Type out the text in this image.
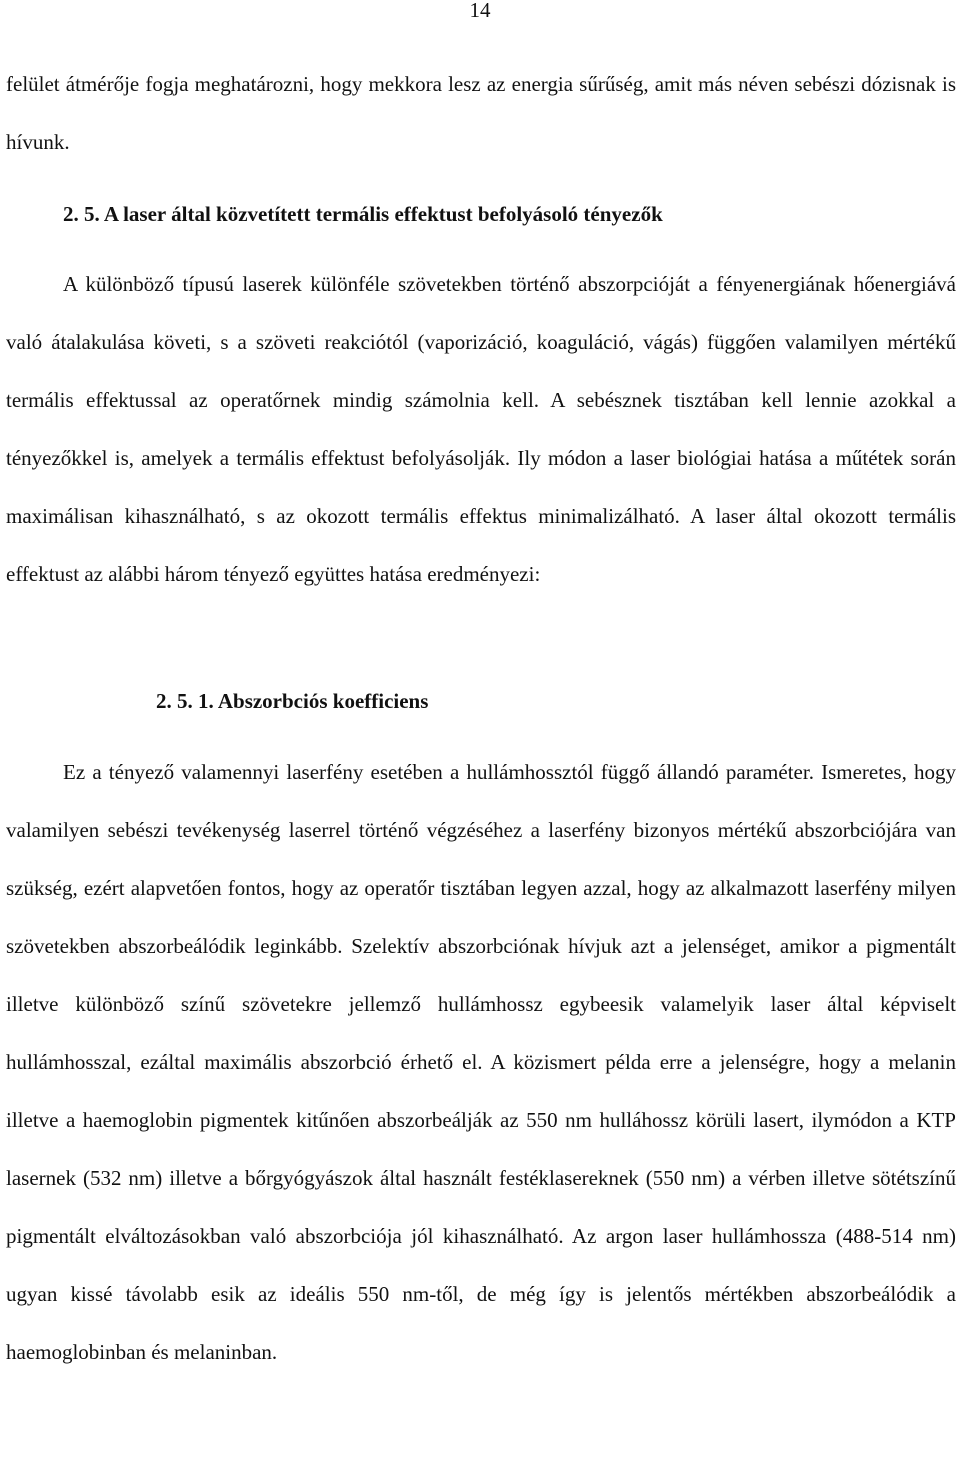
14

felület átmérője fogja meghatározni, hogy mekkora lesz az energia sűrűség, amit más néven sebészi dózisnak is hívunk.

2. 5. A laser által közvetített termális effektust befolyásoló tényezők

A különböző típusú laserek különféle szövetekben történő abszorpcióját a fényenergiának hőenergiává való átalakulása követi, s a szöveti reakciótól (vaporizáció, koaguláció, vágás) függően valamilyen mértékű termális effektussal az operatőrnek mindig számolnia kell. A sebésznek tisztában kell lennie azokkal a tényezőkkel is, amelyek a termális effektust befolyásolják. Ily módon a laser biológiai hatása a műtétek során maximálisan kihasználható, s az okozott termális effektus minimalizálható. A laser által okozott termális effektust az alábbi három tényező együttes hatása eredményezi:

2. 5. 1. Abszorbciós koefficiens

Ez a tényező valamennyi laserfény esetében a hullámhossztól függő állandó paraméter. Ismeretes, hogy valamilyen sebészi tevékenység laserrel történő végzéséhez a laserfény bizonyos mértékű abszorbciójára van szükség, ezért alapvetően fontos, hogy az operatőr tisztában legyen azzal, hogy az alkalmazott laserfény milyen szövetekben abszorbeálódik leginkább. Szelektív abszorbciónak hívjuk azt a jelenséget, amikor a pigmentált illetve különböző színű szövetekre jellemző hullámhossz egybeesik valamelyik laser által képviselt hullámhosszal, ezáltal maximális abszorbció érhető el. A közismert példa erre a jelenségre, hogy a melanin illetve a haemoglobin pigmentek kitűnően abszorbeálják az 550 nm hulláhossz körüli lasert, ilymódon a KTP lasernek (532 nm) illetve a bőrgyógyászok által használt festéklasereknek (550 nm) a vérben illetve sötétszínű pigmentált elváltozásokban való abszorbciója jól kihasználható. Az argon laser hullámhossza (488-514 nm) ugyan kissé távolabb esik az ideális 550 nm-től, de még így is jelentős mértékben abszorbeálódik a haemoglobinban és melaninban.
